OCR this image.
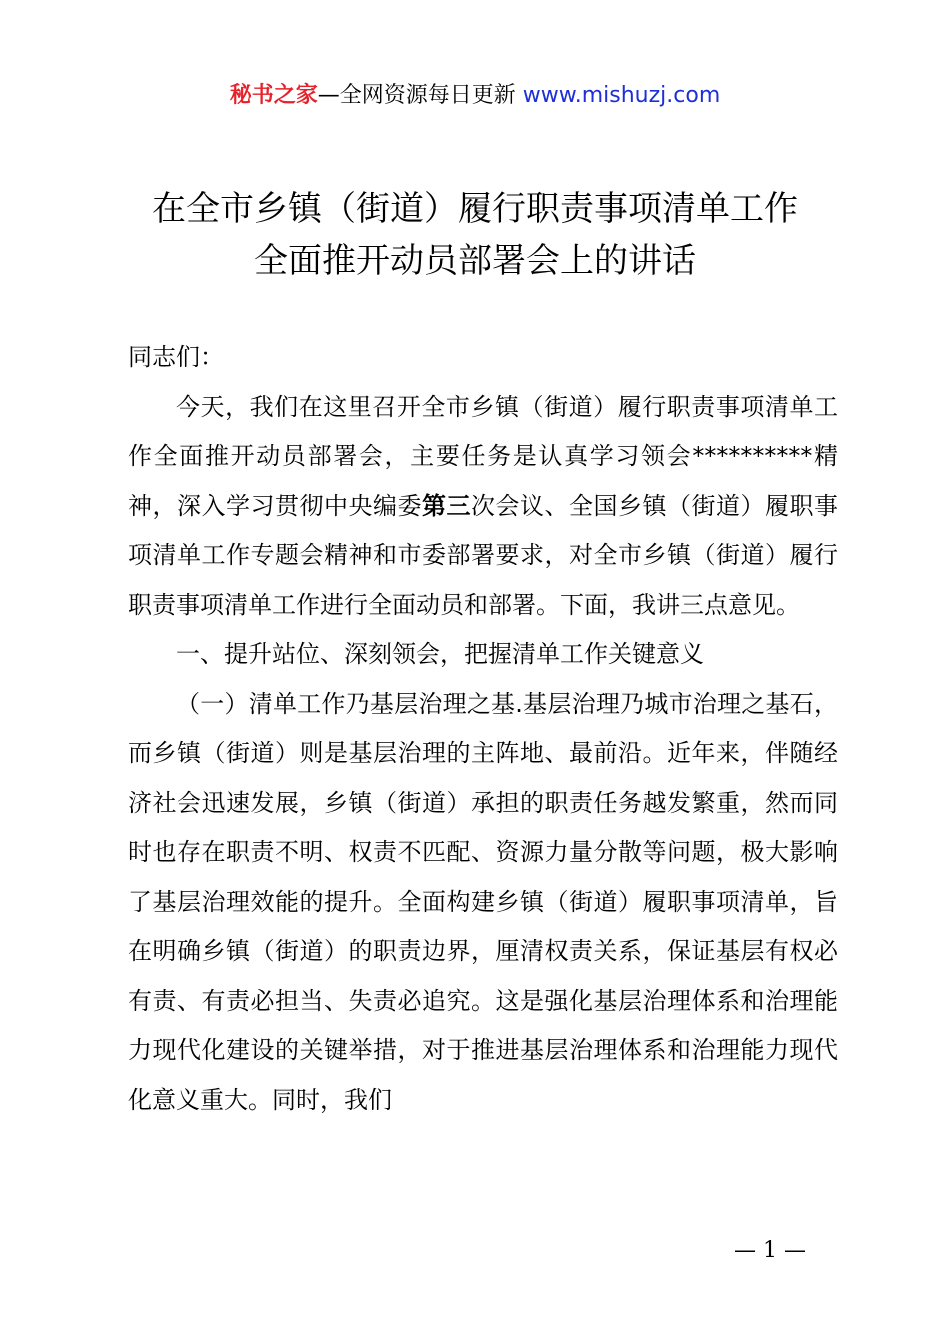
秘书之家—全网资源每日更新 www.mishuzj.com
在全市乡镇（街道）履行职责事项清单工作
全面推开动员部署会上的讲话

同志们：

今天，我们在这里召开全市乡镇（街道）履行职责事项清单工作全面推开动员部署会，主要任务是认真学习领会**********精神，深入学习贯彻中央编委第三次会议、全国乡镇（街道）履职事项清单工作专题会精神和市委部署要求，对全市乡镇（街道）履行职责事项清单工作进行全面动员和部署。下面，我讲三点意见。

一、提升站位、深刻领会，把握清单工作关键意义

（一）清单工作乃基层治理之基.基层治理乃城市治理之基石，而乡镇（街道）则是基层治理的主阵地、最前沿。近年来，伴随经济社会迅速发展，乡镇（街道）承担的职责任务越发繁重，然而同时也存在职责不明、权责不匹配、资源力量分散等问题，极大影响了基层治理效能的提升。全面构建乡镇（街道）履职事项清单，旨在明确乡镇（街道）的职责边界，厘清权责关系，保证基层有权必有责、有责必担当、失责必追究。这是强化基层治理体系和治理能力现代化建设的关键举措，对于推进基层治理体系和治理能力现代化意义重大。同时，我们

— 1 —
